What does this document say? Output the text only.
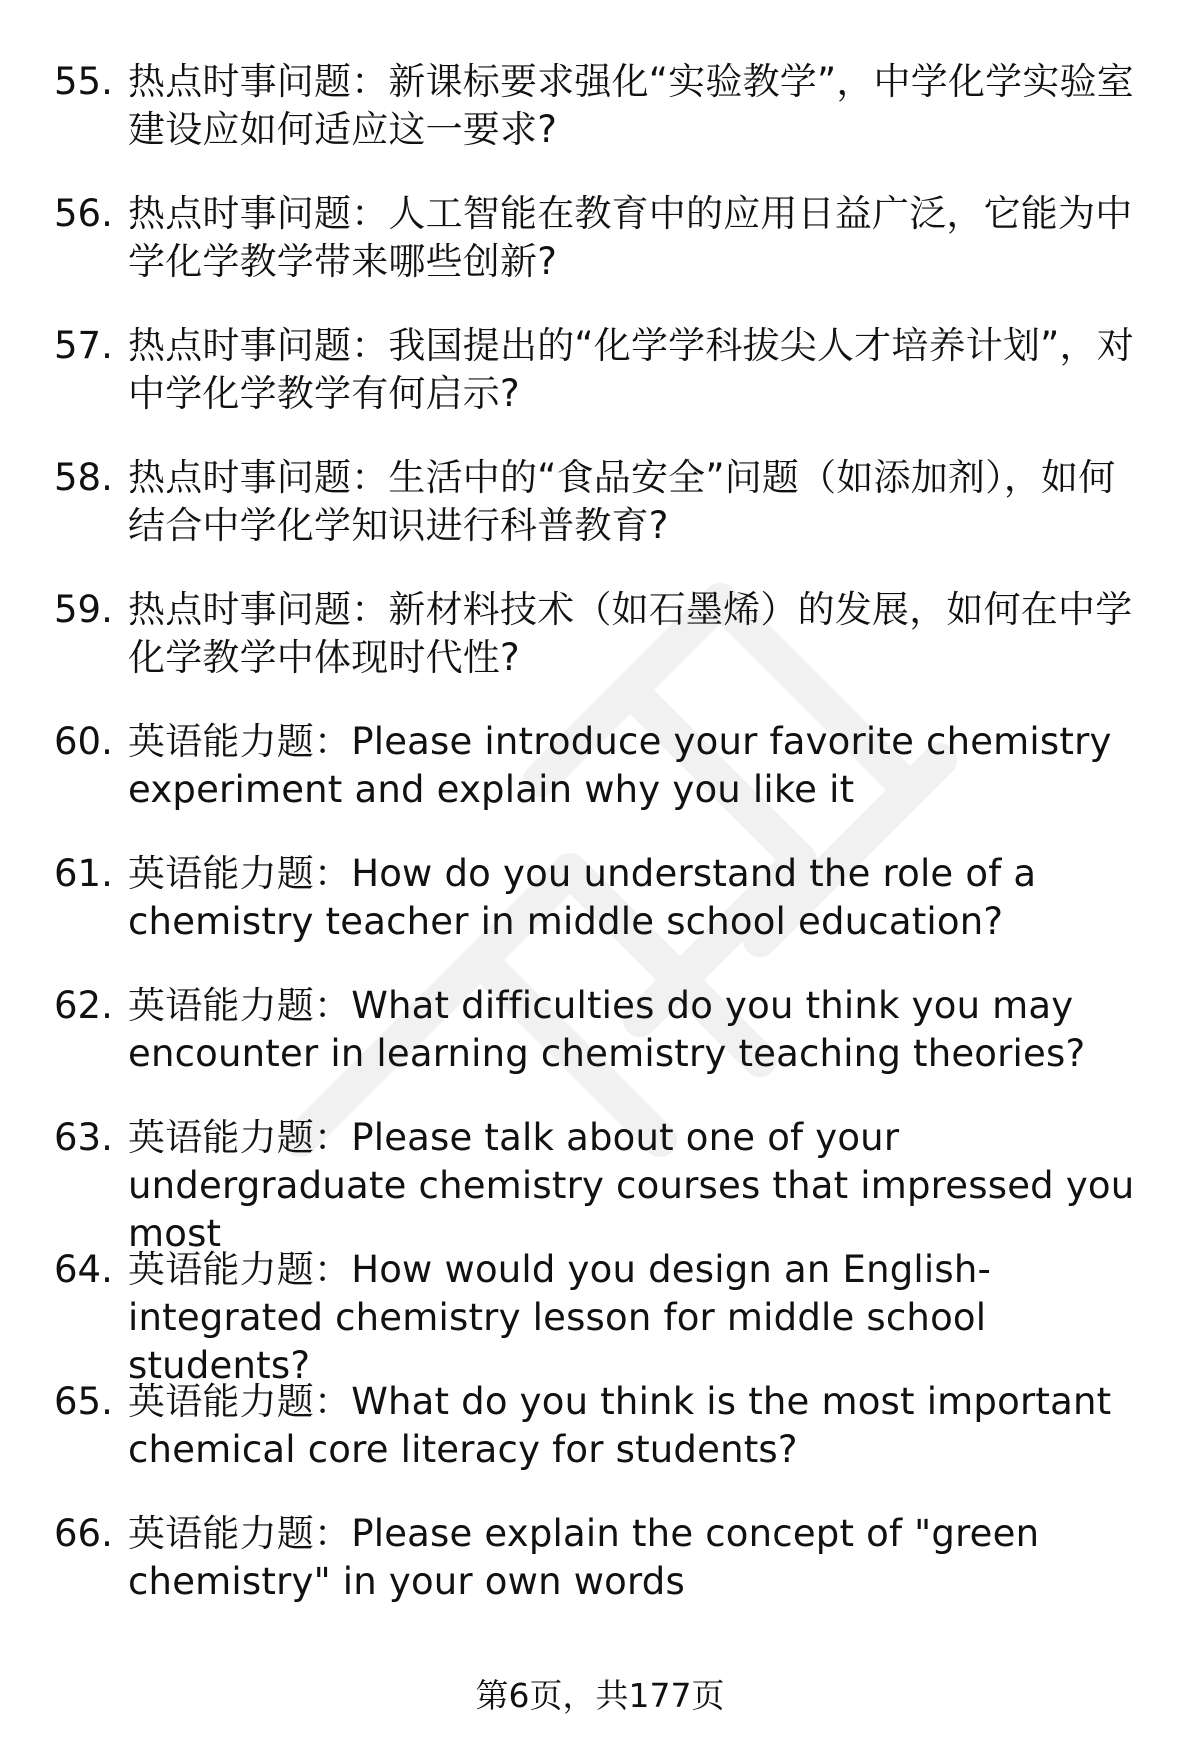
55. 热点时事问题：新课标要求强化“实验教学”，中学化学实验室建设应如何适应这一要求?
56. 热点时事问题：人工智能在教育中的应用日益广泛，它能为中学化学教学带来哪些创新?
57. 热点时事问题：我国提出的“化学学科拔尖人才培养计划”，对中学化学教学有何启示?
58. 热点时事问题：生活中的“食品安全”问题（如添加剂），如何结合中学化学知识进行科普教育?
59. 热点时事问题：新材料技术（如石墨烯）的发展，如何在中学化学教学中体现时代性?
60. 英语能力题：Please introduce your favorite chemistry experiment and explain why you like it
61. 英语能力题：How do you understand the role of a chemistry teacher in middle school education?
62. 英语能力题：What difficulties do you think you may encounter in learning chemistry teaching theories?
63. 英语能力题：Please talk about one of your undergraduate chemistry courses that impressed you most
64. 英语能力题：How would you design an English-integrated chemistry lesson for middle school students?
65. 英语能力题：What do you think is the most important chemical core literacy for students?
66. 英语能力题：Please explain the concept of "green chemistry" in your own words
第6页，共177页
